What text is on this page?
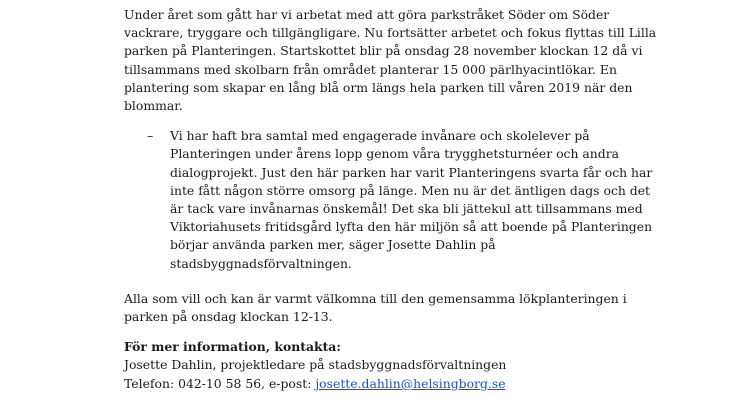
Under året som gått har vi arbetat med att göra parkstråket Söder om Söder vackrare, tryggare och tillgängligare. Nu fortsätter arbetet och fokus flyttas till Lilla parken på Planteringen. Startskottet blir på onsdag 28 november klockan 12 då vi tillsammans med skolbarn från området planterar 15 000 pärlhyacintlökar. En plantering som skapar en lång blå orm längs hela parken till våren 2019 när den blommar.

– Vi har haft bra samtal med engagerade invånare och skolelever på Planteringen under årens lopp genom våra trygghetsturnéer och andra dialogprojekt. Just den här parken har varit Planteringens svarta får och har inte fått någon större omsorg på länge. Men nu är det äntligen dags och det är tack vare invånarnas önskemål! Det ska bli jättekul att tillsammans med Viktoriahusets fritidsgård lyfta den här miljön så att boende på Planteringen börjar använda parken mer, säger Josette Dahlin på stadsbyggnadsförvaltningen.

Alla som vill och kan är varmt välkomna till den gemensamma lökplanteringen i parken på onsdag klockan 12-13.

För mer information, kontakta:

Josette Dahlin, projektledare på stadsbyggnadsförvaltningen

Telefon: 042-10 58 56, e-post: josette.dahlin@helsingborg.se
